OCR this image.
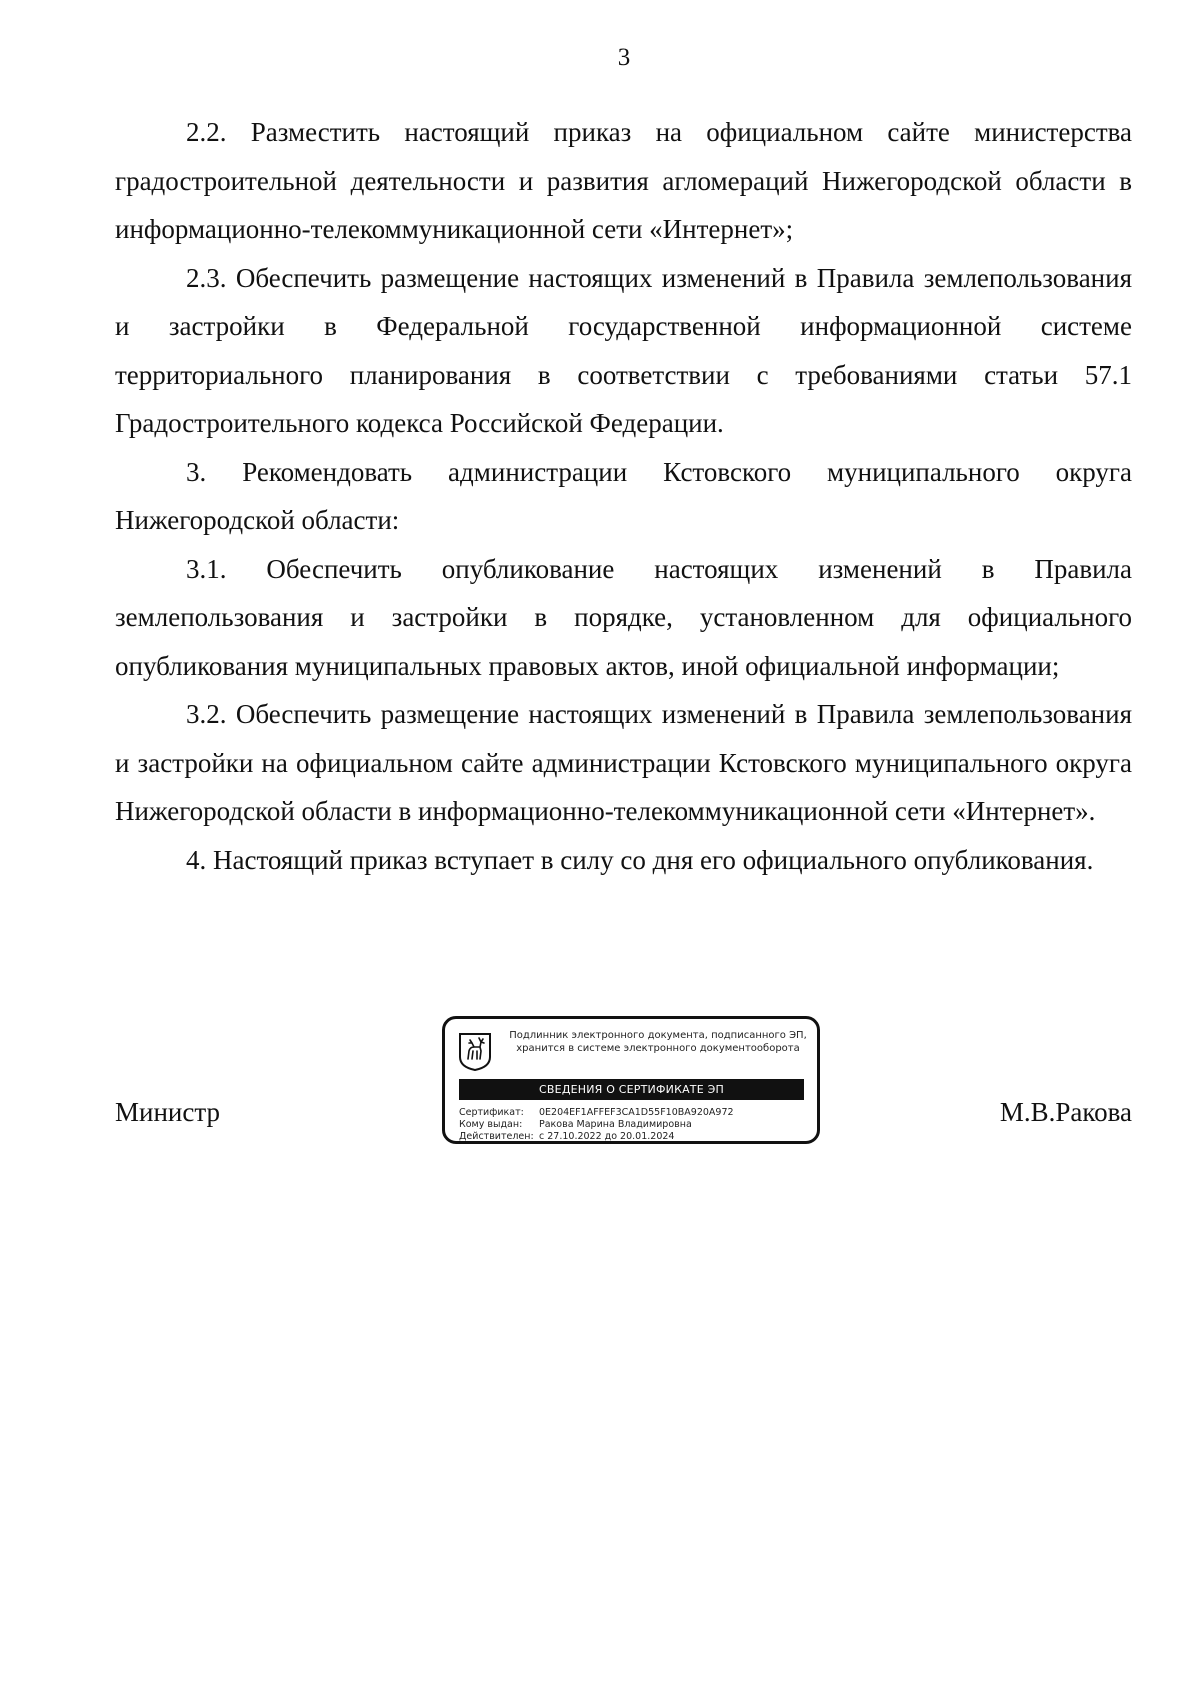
3

2.2. Разместить настоящий приказ на официальном сайте министерства градостроительной деятельности и развития агломераций Нижегородской области в информационно-телекоммуникационной сети «Интернет»;

2.3. Обеспечить размещение настоящих изменений в Правила землепользования и застройки в Федеральной государственной информационной системе территориального планирования в соответствии с требованиями статьи 57.1 Градостроительного кодекса Российской Федерации.

3. Рекомендовать администрации Кстовского муниципального округа Нижегородской области:

3.1. Обеспечить опубликование настоящих изменений в Правила землепользования и застройки в порядке, установленном для официального опубликования муниципальных правовых актов, иной официальной информации;

3.2. Обеспечить размещение настоящих изменений в Правила землепользования и застройки на официальном сайте администрации Кстовского муниципального округа Нижегородской области в информационно-телекоммуникационной сети «Интернет».

4. Настоящий приказ вступает в силу со дня его официального опубликования.

Министр
Подлинник электронного документа, подписанного ЭП,
хранится в системе электронного документооборота
СВЕДЕНИЯ О СЕРТИФИКАТЕ ЭП
Сертификат: 0E204EF1AFFEF3CA1D55F10BA920A972
Кому выдан: Ракова Марина Владимировна
Действителен: с 27.10.2022 до 20.01.2024
М.В.Ракова
